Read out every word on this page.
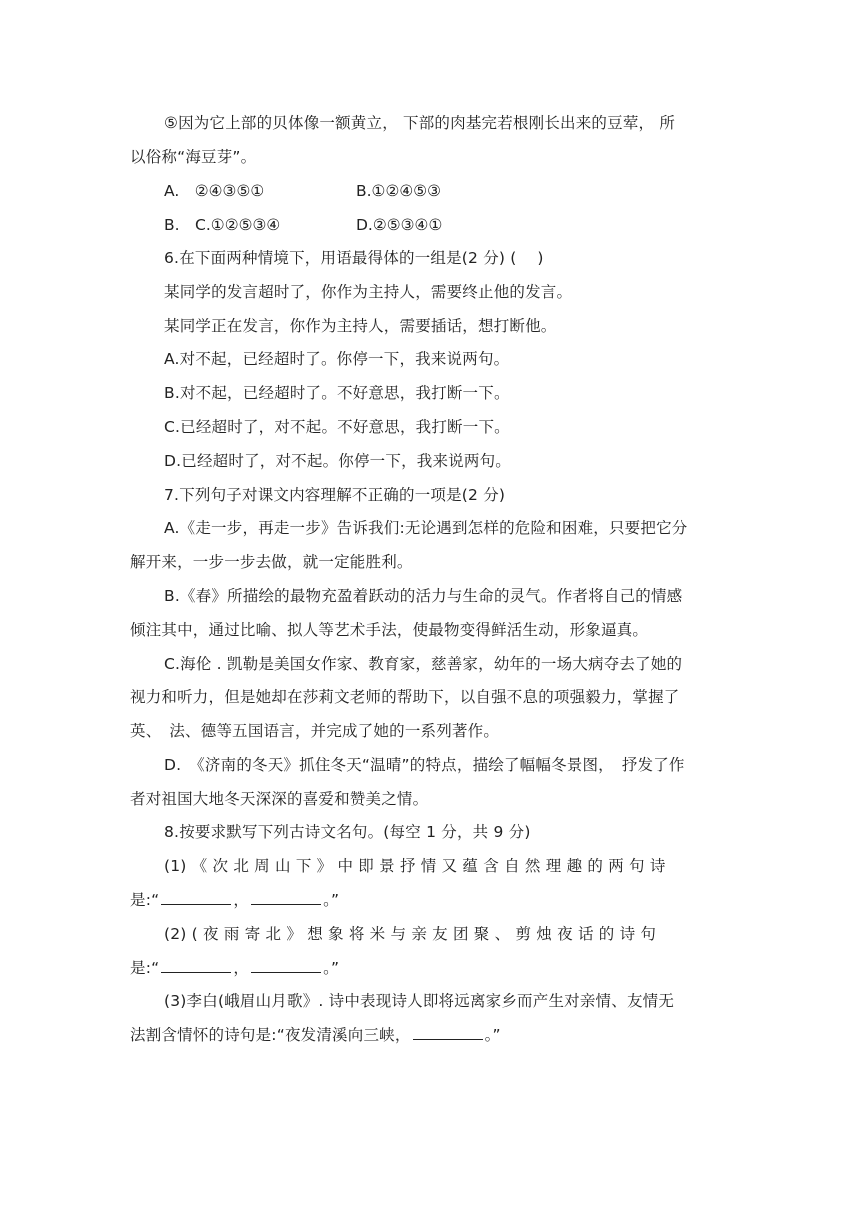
⑤因为它上部的贝体像一额黄立， 下部的肉基完若根刚长出来的豆荤， 所
以俗称“海豆芽”。
A.　②④③⑤①	B.①②④⑤③
B.　C.①②⑤③④	D.②⑤③④①
6.在下面两种情境下，用语最得体的一组是(2 分) (　 )
某同学的发言超时了，你作为主持人，需要终止他的发言。
某同学正在发言，你作为主持人，需要插话，想打断他。
A.对不起，已经超时了。你停一下，我来说两句。
B.对不起，已经超时了。不好意思，我打断一下。
C.已经超时了，对不起。不好意思，我打断一下。
D.已经超时了，对不起。你停一下，我来说两句。
7.下列句子对课文内容理解不正确的一项是(2 分)
A.《走一步，再走一步》告诉我们:无论遇到怎样的危险和困难，只要把它分
解开来，一步一步去做，就一定能胜利。
B.《春》所描绘的最物充盈着跃动的活力与生命的灵气。作者将自己的情感
倾注其中，通过比喻、拟人等艺术手法，使最物变得鲜活生动，形象逼真。
C.海伦 . 凯勒是美国女作家、教育家，慈善家，幼年的一场大病夺去了她的
视力和听力，但是她却在莎莉文老师的帮助下，以自强不息的项强毅力，掌握了
英、　法、德等五国语言，并完成了她的一系列著作。
D.　《济南的冬天》抓住冬天“温晴”的特点，描绘了幅幅冬景图，　抒发了作
者对祖国大地冬天深深的喜爱和赞美之情。
8.按要求默写下列古诗文名句。(每空 1 分，共 9 分)
(1) 《 次 北 周 山 下 》 中 即 景 抒 情 又 蕴 含 自 然 理 趣 的 两 句 诗
是:“	，	。”
(2) ( 夜 雨 寄 北 》 想 象 将 米 与 亲 友 团 聚 、 剪 烛 夜 话 的 诗 句
是:“	，	。”
(3)李白(峨眉山月歌》. 诗中表现诗人即将远离家乡而产生对亲情、友情无
法割含情怀的诗句是:“夜发清溪向三峡，	。”
